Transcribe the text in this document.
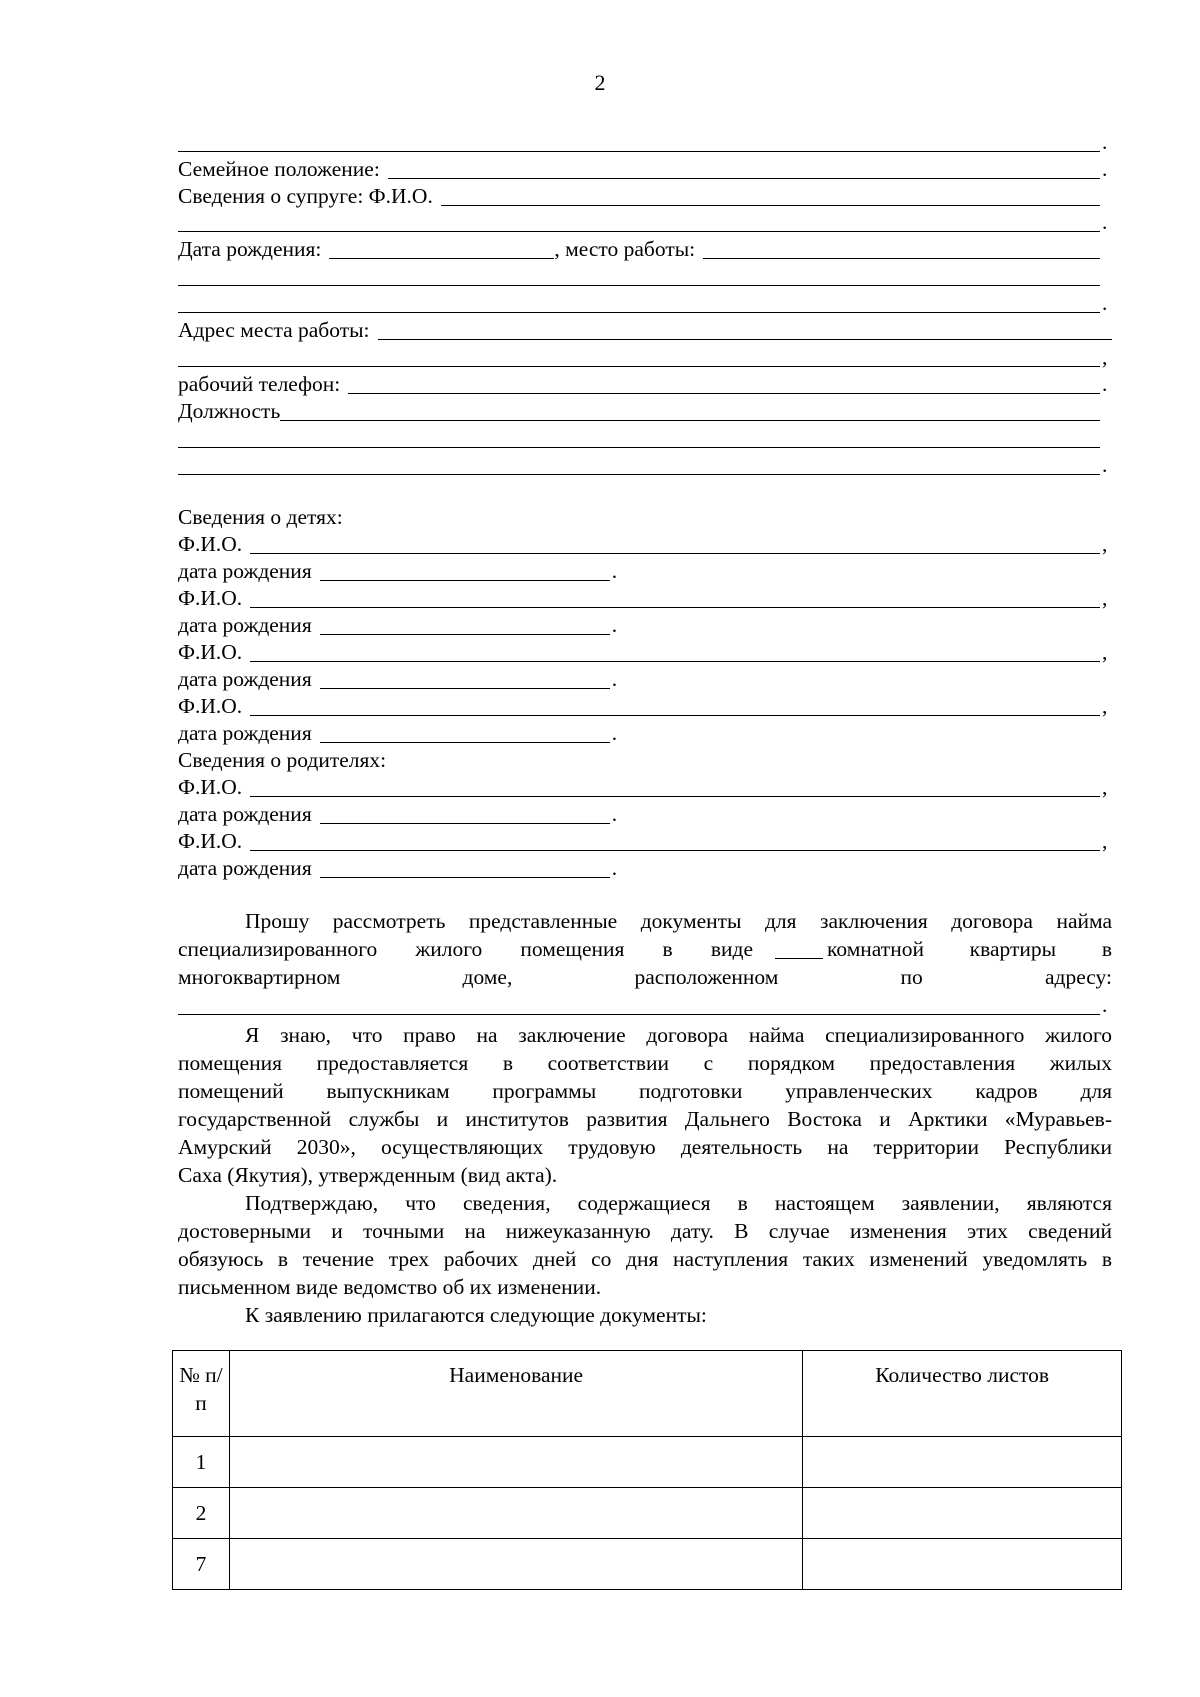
2
.
Семейное положение:	.
Сведения о супруге: Ф.И.О.
.
Дата рождения:	, место работы:
.
Адрес места работы:
,
рабочий телефон:	.
Должность
.
Сведения о детях:
Ф.И.О.	,
дата рождения	.
Ф.И.О.	,
дата рождения	.
Ф.И.О.	,
дата рождения	.
Ф.И.О.	,
дата рождения	.
Сведения о родителях:
Ф.И.О.	,
дата рождения	.
Ф.И.О.	,
дата рождения	.
Прошу рассмотреть представленные документы для заключения договора найма
специализированного жилого помещения в виде	комнатной квартиры в
многоквартирном доме, расположенном по адресу:
.
Я знаю, что право на заключение договора найма специализированного жилого
помещения предоставляется в соответствии с порядком предоставления жилых
помещений выпускникам программы подготовки управленческих кадров для
государственной службы и институтов развития Дальнего Востока и Арктики «Муравьев-
Амурский 2030», осуществляющих трудовую деятельность на территории Республики
Саха (Якутия), утвержденным (вид акта).
Подтверждаю, что сведения, содержащиеся в настоящем заявлении, являются
достоверными и точными на нижеуказанную дату. В случае изменения этих сведений
обязуюсь в течение трех рабочих дней со дня наступления таких изменений уведомлять в
письменном виде ведомство об их изменении.
К заявлению прилагаются следующие документы:
№ п/п	Наименование	Количество листов
1		
2		
7		
